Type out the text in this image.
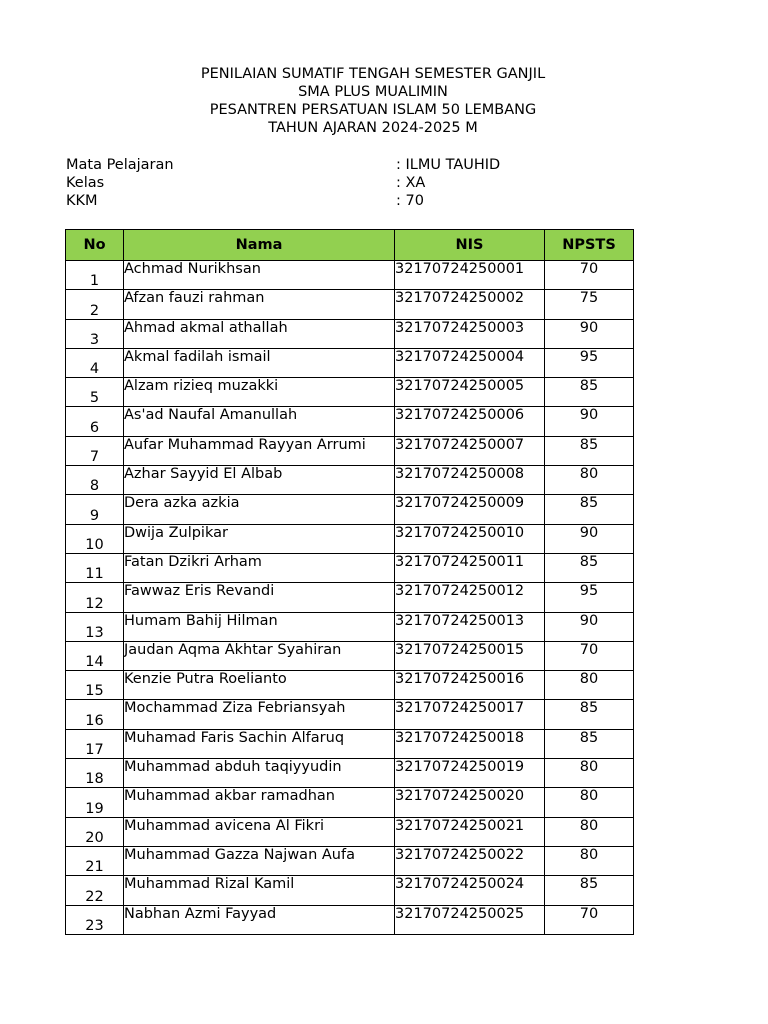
PENILAIAN SUMATIF TENGAH SEMESTER GANJIL
SMA PLUS MUALIMIN
PESANTREN PERSATUAN ISLAM 50 LEMBANG
TAHUN AJARAN 2024-2025 M
Mata Pelajaran	: ILMU TAUHID
Kelas	: XA
KKM	: 70
No	Nama	NIS	NPSTS
1	Achmad Nurikhsan	32170724250001	70
2	Afzan fauzi rahman	32170724250002	75
3	Ahmad akmal athallah	32170724250003	90
4	Akmal fadilah ismail	32170724250004	95
5	Alzam rizieq muzakki	32170724250005	85
6	As'ad Naufal Amanullah	32170724250006	90
7	Aufar Muhammad Rayyan Arrumi	32170724250007	85
8	Azhar Sayyid El Albab	32170724250008	80
9	Dera azka azkia	32170724250009	85
10	Dwija Zulpikar	32170724250010	90
11	Fatan Dzikri Arham	32170724250011	85
12	Fawwaz Eris Revandi	32170724250012	95
13	Humam Bahij Hilman	32170724250013	90
14	Jaudan Aqma Akhtar Syahiran	32170724250015	70
15	Kenzie Putra Roelianto	32170724250016	80
16	Mochammad Ziza Febriansyah	32170724250017	85
17	Muhamad Faris Sachin Alfaruq	32170724250018	85
18	Muhammad abduh taqiyyudin	32170724250019	80
19	Muhammad akbar ramadhan	32170724250020	80
20	Muhammad avicena Al Fikri	32170724250021	80
21	Muhammad Gazza Najwan Aufa	32170724250022	80
22	Muhammad Rizal Kamil	32170724250024	85
23	Nabhan Azmi Fayyad	32170724250025	70
